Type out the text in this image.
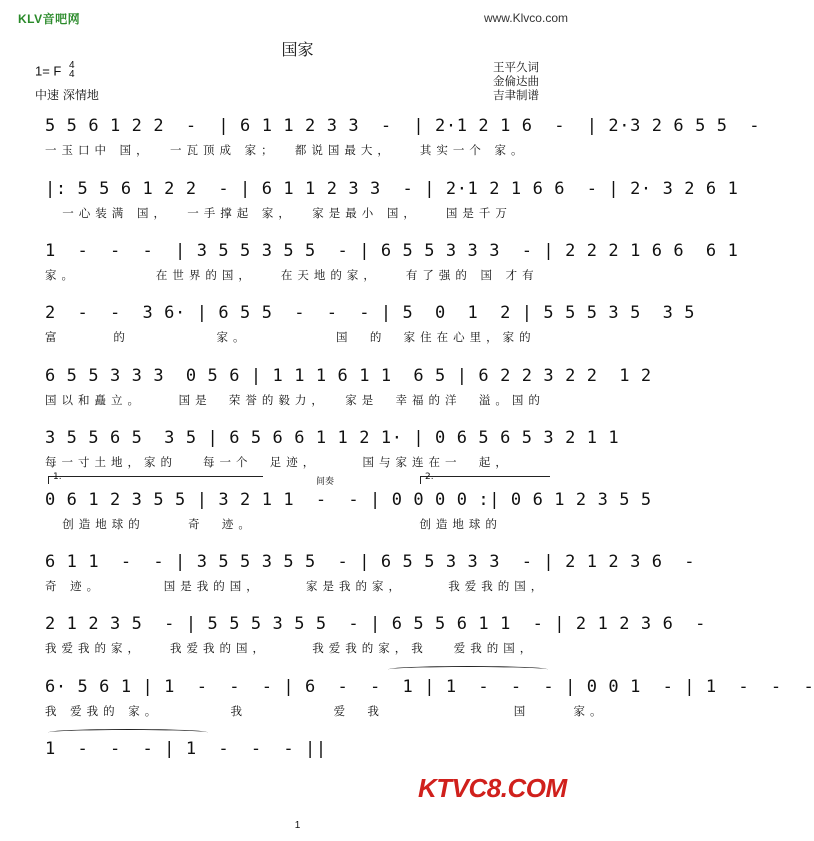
KLV音吧网	www.Klvco.com
国家
1= F 4
4
中速 深情地
王平久词
金倫达曲
吉聿制谱
5 5 6 1 2 2  -  | 6 1 1 2 3 3  -  | 2·1 2 1 6  -  | 2·3 2 6 5 5  -
一玉口中 国，  一瓦顶成 家；  都说国最大，   其实一个 家。
|: 5 5 6 1 2 2  - | 6 1 1 2 3 3  - | 2·1 2 1 6 6  - | 2· 3 2 6 1
一心装满 国，  一手撑起 家，  家是最小 国，   国是千万
1  -  -  -  | 3 5 5 3 5 5  - | 6 5 5 3 3 3  - | 2 2 2 1 6 6  6 1
家。         在世界的国，   在天地的家，   有了强的 国 才有
2  -  -  3 6· | 6 5 5  -  -  - | 5  0  1  2 | 5 5 5 3 5  3 5
富      的          家。          国  的  家住在心里，家的
6 5 5 3 3 3  0 5 6 | 1 1 1 6 1 1  6 5 | 6 2 2 3 2 2  1 2
国以和矗立。    国是  荣誉的毅力，  家是  幸福的洋  溢。国的
3 5 5 6 5  3 5 | 6 5 6 6 1 1 2 1· | 0 6 5 6 5 3 2 1 1
每一寸土地，家的   每一个  足迹，     国与家连在一  起，
1.	间奏	2.
0 6 1 2 3 5 5 | 3 2 1 1  -  - | 0 0 0 0 :| 0 6 1 2 3 5 5
创造地球的     奇  迹。                   创造地球的
6 1 1  -  - | 3 5 5 3 5 5  - | 6 5 5 3 3 3  - | 2 1 2 3 6  -
奇 迹。       国是我的国，     家是我的家，     我爱我的国，
2 1 2 3 5  - | 5 5 5 3 5 5  - | 6 5 5 6 1 1  - | 2 1 2 3 6  -
我爱我的家，   我爱我的国，     我爱我的家，我   爱我的国，
6· 5 6 1 | 1  -  -  - | 6  -  -  1 | 1  -  -  - | 0 0 1  - | 1  -  -  -
我 爱我的 家。        我          爱  我               国     家。
1  -  -  - | 1  -  -  - ||
KTVC8.COM
1
